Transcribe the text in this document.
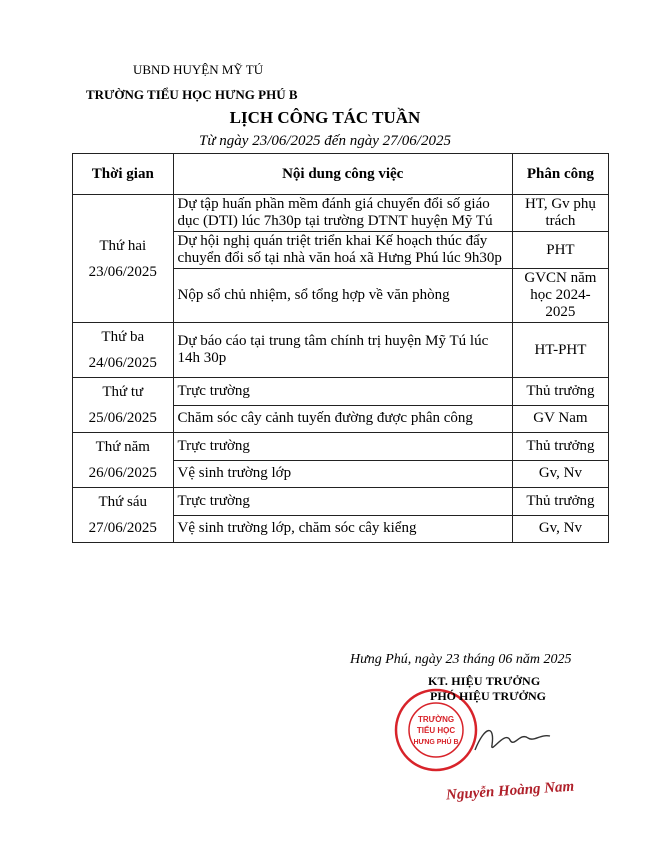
UBND HUYỆN MỸ TÚ
TRƯỜNG TIỂU HỌC HƯNG PHÚ B
LỊCH CÔNG TÁC TUẦN
Từ ngày 23/06/2025 đến ngày 27/06/2025
Thời gian	Nội dung công việc	Phân công

Thứ hai
23/06/2025	Dự tập huấn phần mềm đánh giá chuyển đổi số giáo dục (DTI) lúc 7h30p tại trường DTNT huyện Mỹ Tú	HT, Gv phụ trách
	Dự hội nghị quán triệt triển khai Kế hoạch thúc đẩy chuyển đổi số tại nhà văn hoá xã Hưng Phú lúc 9h30p	PHT
	Nộp sổ chủ nhiệm, sổ tổng hợp về văn phòng	GVCN năm học 2024-2025

Thứ ba
24/06/2025	Dự báo cáo tại trung tâm chính trị huyện Mỹ Tú lúc 14h 30p	HT-PHT

Thứ tư
25/06/2025	Trực trường	Thủ trưởng
	Chăm sóc cây cảnh tuyến đường được phân công	GV Nam

Thứ năm
26/06/2025	Trực trường	Thủ trưởng
	Vệ sinh trường lớp	Gv, Nv

Thứ sáu
27/06/2025	Trực trường	Thủ trưởng
	Vệ sinh trường lớp, chăm sóc cây kiểng	Gv, Nv
Hưng Phú, ngày 23 tháng 06 năm 2025
TRƯỜNG
TIỂU HỌC
HƯNG PHÚ B
KT. HIỆU TRƯỞNG
PHÓ HIỆU TRƯỞNG
Nguyễn Hoàng Nam
